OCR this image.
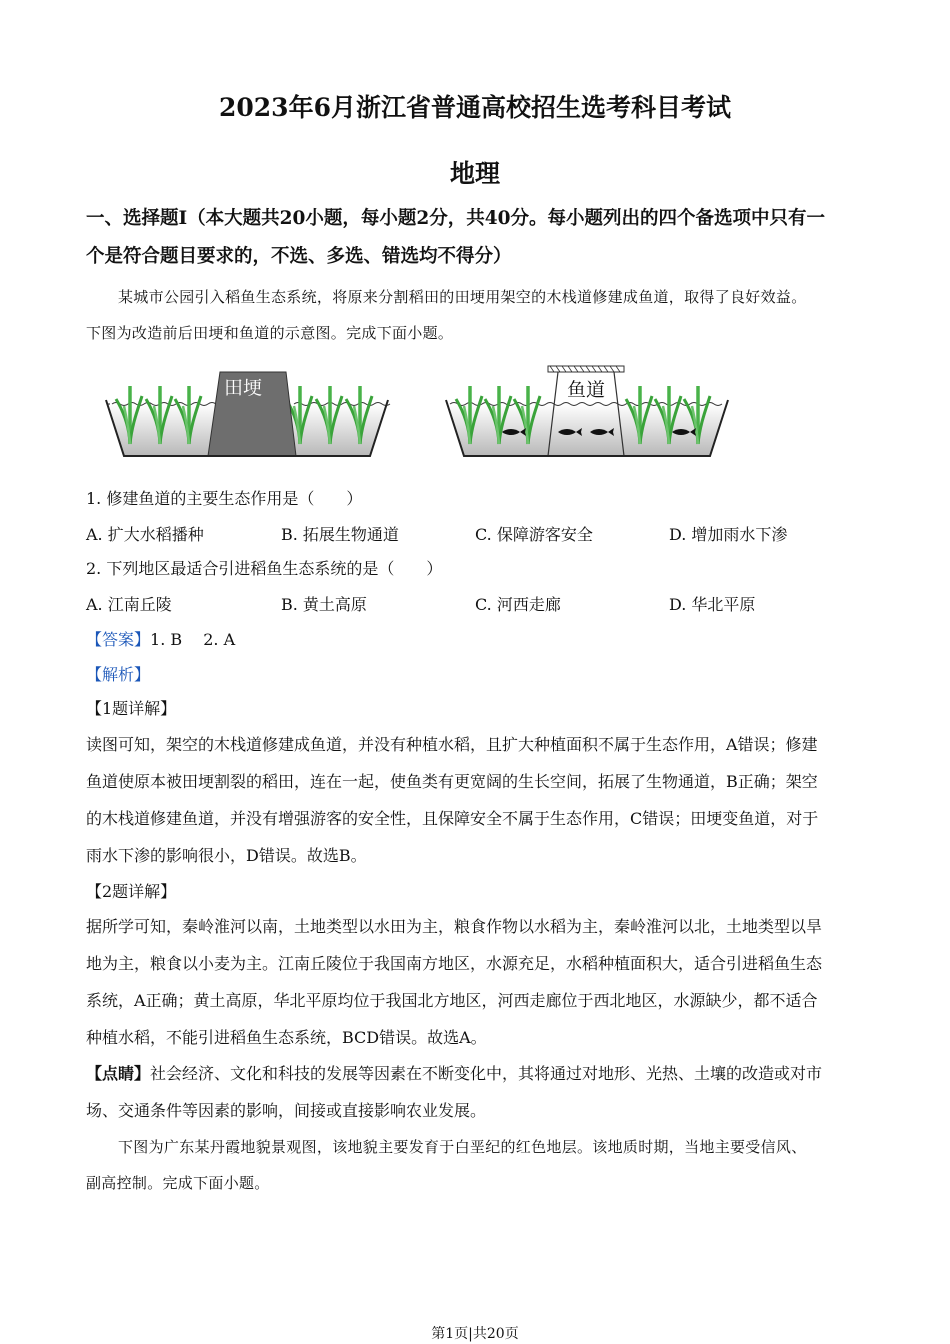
2023年6月浙江省普通高校招生选考科目考试
地理
一、选择题Ⅰ（本大题共20小题，每小题2分，共40分。每小题列出的四个备选项中只有一
个是符合题目要求的，不选、多选、错选均不得分）
某城市公园引入稻鱼生态系统，将原来分割稻田的田埂用架空的木栈道修建成鱼道，取得了良好效益。
下图为改造前后田埂和鱼道的示意图。完成下面小题。
田埂	鱼道
1. 修建鱼道的主要生态作用是（　　）
A. 扩大水稻播种	B. 拓展生物通道	C. 保障游客安全	D. 增加雨水下渗
2. 下列地区最适合引进稻鱼生态系统的是（　　）
A. 江南丘陵	B. 黄土高原	C. 河西走廊	D. 华北平原
【答案】1. B　 2. A
【解析】
【1题详解】
读图可知，架空的木栈道修建成鱼道，并没有种植水稻，且扩大种植面积不属于生态作用，A错误；修建
鱼道使原本被田埂割裂的稻田，连在一起，使鱼类有更宽阔的生长空间，拓展了生物通道，B正确；架空
的木栈道修建鱼道，并没有增强游客的安全性，且保障安全不属于生态作用，C错误；田埂变鱼道，对于
雨水下渗的影响很小，D错误。故选B。
【2题详解】
据所学可知，秦岭淮河以南，土地类型以水田为主，粮食作物以水稻为主，秦岭淮河以北，土地类型以旱
地为主，粮食以小麦为主。江南丘陵位于我国南方地区，水源充足，水稻种植面积大，适合引进稻鱼生态
系统，A正确；黄土高原，华北平原均位于我国北方地区，河西走廊位于西北地区，水源缺少，都不适合
种植水稻，不能引进稻鱼生态系统，BCD错误。故选A。
【点睛】社会经济、文化和科技的发展等因素在不断变化中，其将通过对地形、光热、土壤的改造或对市
场、交通条件等因素的影响，间接或直接影响农业发展。
下图为广东某丹霞地貌景观图，该地貌主要发育于白垩纪的红色地层。该地质时期，当地主要受信风、
副高控制。完成下面小题。
第1页|共20页
